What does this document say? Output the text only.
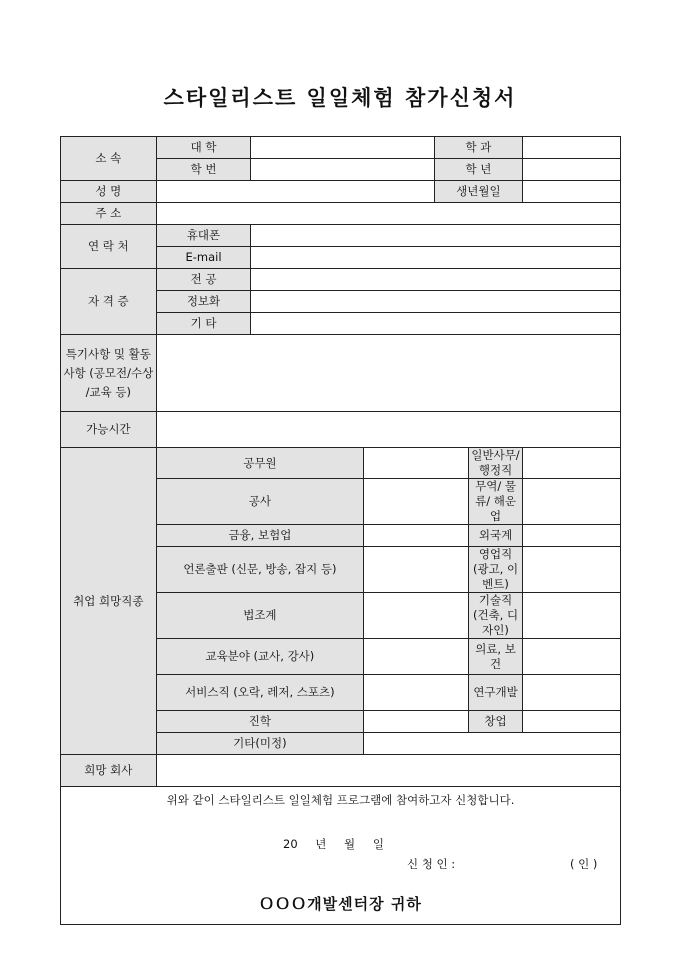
스타일리스트 일일체험 참가신청서
소 속	대 학			학 과		
	학 번			학 년		
성 명				생년월일		
주 소						
연 락 처	휴대폰					
	E-mail					
자 격 증	전 공					
	정보화					
	기 타					
특기사항 및 활동사항 (공모전/수상 /교육 등)						
가능시간						
취업 희망직종	공무원				일반사무/행정직	
	공사				무역/ 물류/ 해운업	
	금융, 보험업				외국계	
	언론출판 (신문, 방송, 잡지 등)				영업직 (광고, 이벤트)	
	법조계				기술직 (건축, 디자인)	
	교육분야 (교사, 강사)				의료, 보건	
	서비스직 (오락, 레저, 스포츠)				연구개발	
	진학				창업	
	기타(미정)					
희망 회사						

위와 같이 스타일리스트 일일체험 프로그램에 참여하고자 신청합니다.
20 년 월 일
신 청 인 : ( 인 )
ＯＯＯ개발센터장 귀하						
